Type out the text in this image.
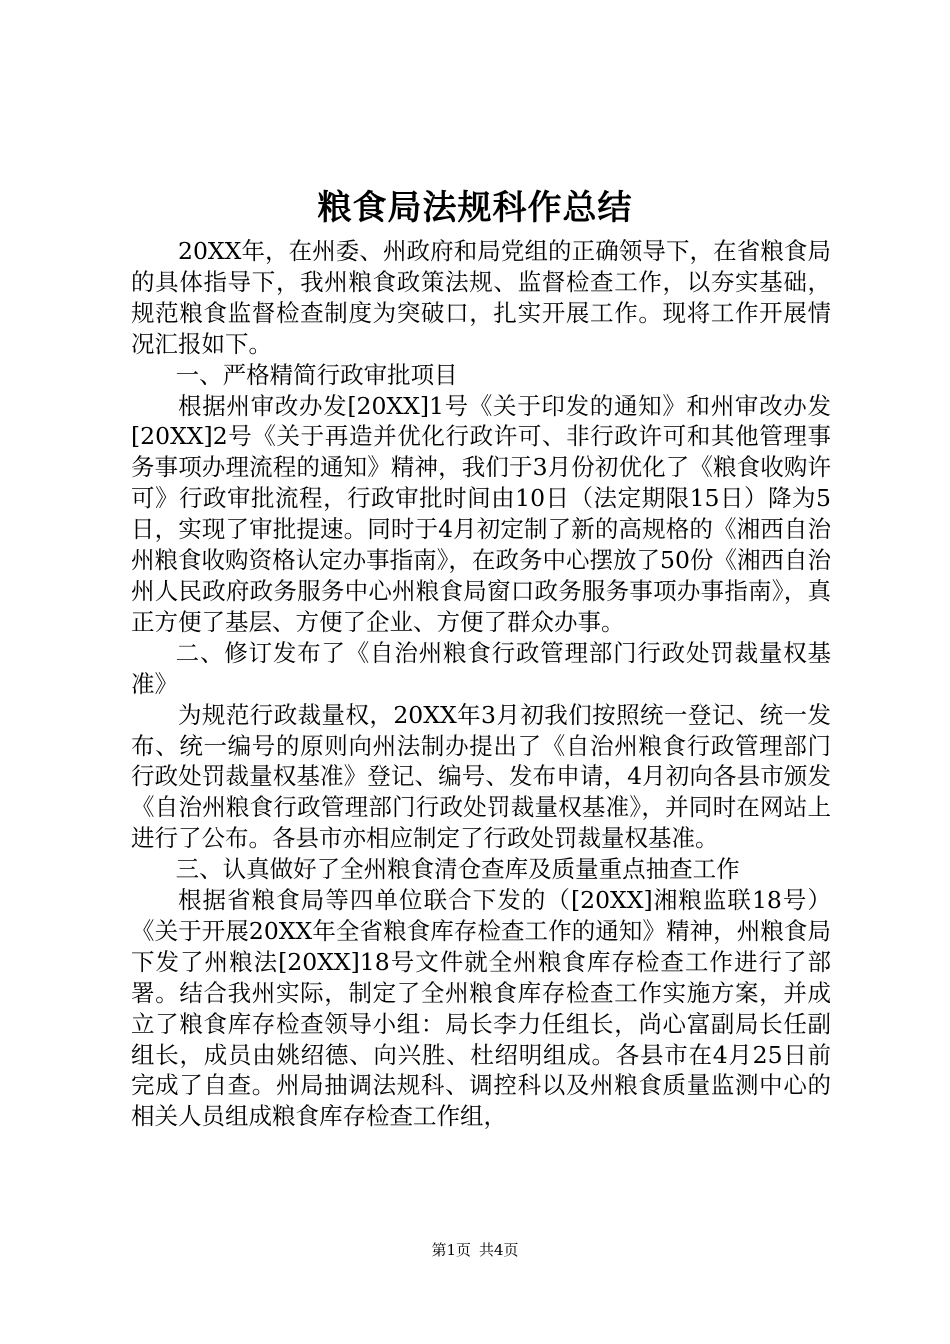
粮食局法规科作总结

20XX年，在州委、州政府和局党组的正确领导下，在省粮食局的具体指导下，我州粮食政策法规、监督检查工作，以夯实基础，规范粮食监督检查制度为突破口，扎实开展工作。现将工作开展情况汇报如下。

一、严格精简行政审批项目

根据州审改办发[20XX]1号《关于印发的通知》和州审改办发[20XX]2号《关于再造并优化行政许可、非行政许可和其他管理事务事项办理流程的通知》精神，我们于3月份初优化了《粮食收购许可》行政审批流程，行政审批时间由10日（法定期限15日）降为5日，实现了审批提速。同时于4月初定制了新的高规格的《湘西自治州粮食收购资格认定办事指南》，在政务中心摆放了50份《湘西自治州人民政府政务服务中心州粮食局窗口政务服务事项办事指南》，真正方便了基层、方便了企业、方便了群众办事。

二、修订发布了《自治州粮食行政管理部门行政处罚裁量权基准》

为规范行政裁量权，20XX年3月初我们按照统一登记、统一发布、统一编号的原则向州法制办提出了《自治州粮食行政管理部门行政处罚裁量权基准》登记、编号、发布申请，4月初向各县市颁发《自治州粮食行政管理部门行政处罚裁量权基准》，并同时在网站上进行了公布。各县市亦相应制定了行政处罚裁量权基准。

三、认真做好了全州粮食清仓查库及质量重点抽查工作

根据省粮食局等四单位联合下发的（[20XX]湘粮监联18号）《关于开展20XX年全省粮食库存检查工作的通知》精神，州粮食局下发了州粮法[20XX]18号文件就全州粮食库存检查工作进行了部署。结合我州实际，制定了全州粮食库存检查工作实施方案，并成立了粮食库存检查领导小组：局长李力任组长，尚心富副局长任副组长，成员由姚绍德、向兴胜、杜绍明组成。各县市在4月25日前完成了自查。州局抽调法规科、调控科以及州粮食质量监测中心的相关人员组成粮食库存检查工作组，

第1页 共4页
